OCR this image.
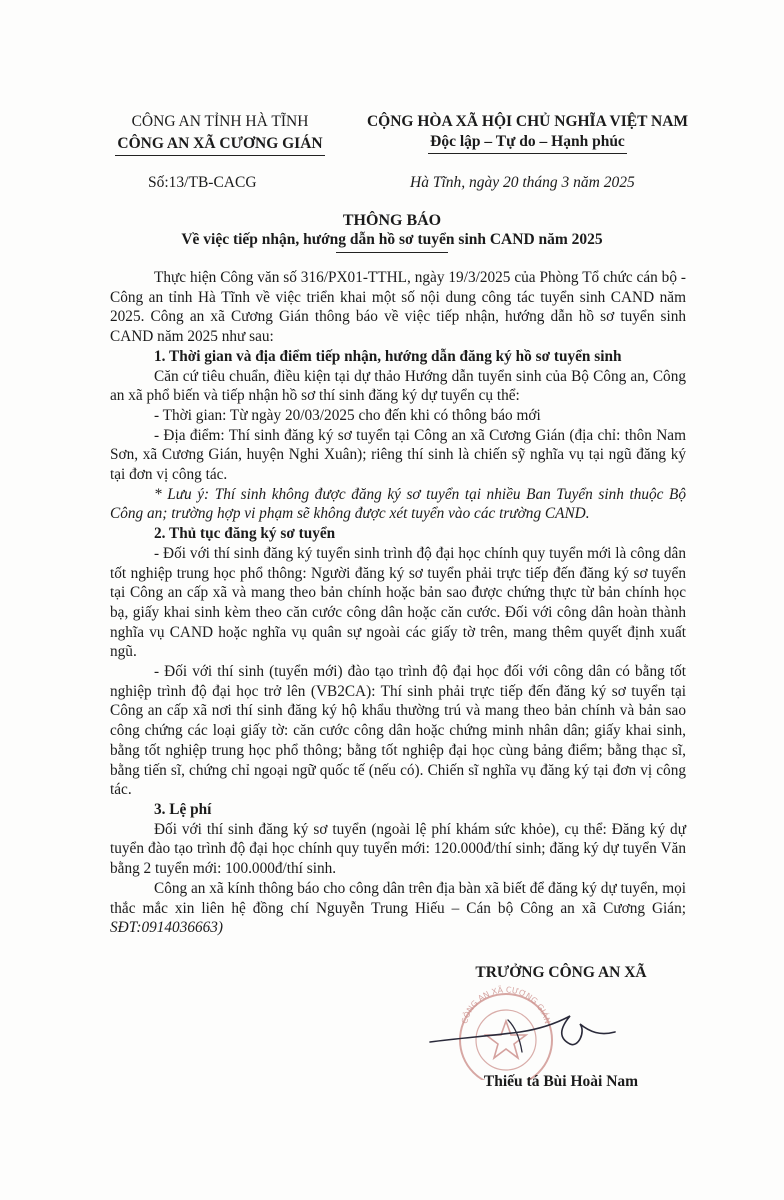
CÔNG AN TỈNH HÀ TĨNH
CÔNG AN XÃ CƯƠNG GIÁN
CỘNG HÒA XÃ HỘI CHỦ NGHĨA VIỆT NAM
Độc lập – Tự do – Hạnh phúc
Số:13/TB-CACG	Hà Tĩnh, ngày 20 tháng 3 năm 2025
THÔNG BÁO
Về việc tiếp nhận, hướng dẫn hồ sơ tuyển sinh CAND năm 2025

Thực hiện Công văn số 316/PX01-TTHL, ngày 19/3/2025 của Phòng Tổ chức cán bộ - Công an tỉnh Hà Tĩnh về việc triển khai một số nội dung công tác tuyển sinh CAND năm 2025. Công an xã Cương Gián thông báo về việc tiếp nhận, hướng dẫn hồ sơ tuyển sinh CAND năm 2025 như sau:

1. Thời gian và địa điểm tiếp nhận, hướng dẫn đăng ký hồ sơ tuyển sinh

Căn cứ tiêu chuẩn, điều kiện tại dự thảo Hướng dẫn tuyển sinh của Bộ Công an, Công an xã phổ biến và tiếp nhận hồ sơ thí sinh đăng ký dự tuyển cụ thể:

- Thời gian: Từ ngày 20/03/2025 cho đến khi có thông báo mới

- Địa điểm: Thí sinh đăng ký sơ tuyển tại Công an xã Cương Gián (địa chỉ: thôn Nam Sơn, xã Cương Gián, huyện Nghi Xuân); riêng thí sinh là chiến sỹ nghĩa vụ tại ngũ đăng ký tại đơn vị công tác.

* Lưu ý: Thí sinh không được đăng ký sơ tuyển tại nhiều Ban Tuyển sinh thuộc Bộ Công an; trường hợp vi phạm sẽ không được xét tuyển vào các trường CAND.

2. Thủ tục đăng ký sơ tuyển

- Đối với thí sinh đăng ký tuyển sinh trình độ đại học chính quy tuyển mới là công dân tốt nghiệp trung học phổ thông: Người đăng ký sơ tuyển phải trực tiếp đến đăng ký sơ tuyển tại Công an cấp xã và mang theo bản chính hoặc bản sao được chứng thực từ bản chính học bạ, giấy khai sinh kèm theo căn cước công dân hoặc căn cước. Đối với công dân hoàn thành nghĩa vụ CAND hoặc nghĩa vụ quân sự ngoài các giấy tờ trên, mang thêm quyết định xuất ngũ.

- Đối với thí sinh (tuyển mới) đào tạo trình độ đại học đối với công dân có bằng tốt nghiệp trình độ đại học trở lên (VB2CA): Thí sinh phải trực tiếp đến đăng ký sơ tuyển tại Công an cấp xã nơi thí sinh đăng ký hộ khẩu thường trú và mang theo bản chính và bản sao công chứng các loại giấy tờ: căn cước công dân hoặc chứng minh nhân dân; giấy khai sinh, bằng tốt nghiệp trung học phổ thông; bằng tốt nghiệp đại học cùng bảng điểm; bằng thạc sĩ, bằng tiến sĩ, chứng chỉ ngoại ngữ quốc tế (nếu có). Chiến sĩ nghĩa vụ đăng ký tại đơn vị công tác.

3. Lệ phí

Đối với thí sinh đăng ký sơ tuyển (ngoài lệ phí khám sức khỏe), cụ thể: Đăng ký dự tuyển đào tạo trình độ đại học chính quy tuyển mới: 120.000đ/thí sinh; đăng ký dự tuyển Văn bằng 2 tuyển mới: 100.000đ/thí sinh.

Công an xã kính thông báo cho công dân trên địa bàn xã biết để đăng ký dự tuyển, mọi thắc mắc xin liên hệ đồng chí Nguyễn Trung Hiếu – Cán bộ Công an xã Cương Gián; SĐT:0914036663)

TRƯỞNG CÔNG AN XÃ
CÔNG AN XÃ CƯƠNG GIÁN
Thiếu tá Bùi Hoài Nam
